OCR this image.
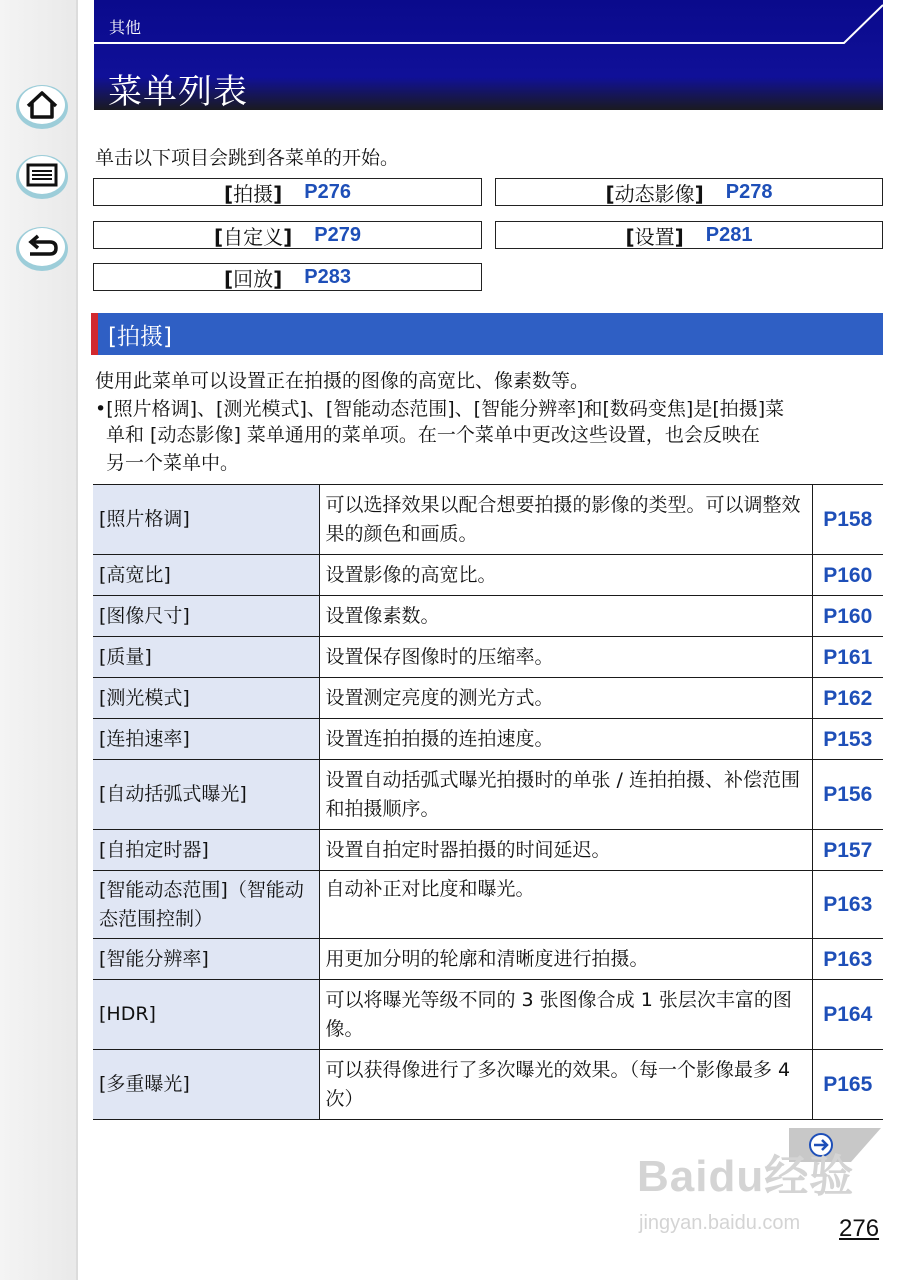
其他
菜单列表
单击以下项目会跳到各菜单的开始。
[ 拍摄 ]	P276	[ 动态影像 ]	P278
[ 自定义 ]	P279	[ 设置 ]	P281
[ 回放 ]	P283
[拍摄]
使用此菜单可以设置正在拍摄的图像的高宽比、像素数等。
•[照片格调]、[测光模式]、[智能动态范围]、[智能分辨率]和[数码变焦]是[拍摄]菜
单和 [动态影像] 菜单通用的菜单项。在一个菜单中更改这些设置，也会反映在
另一个菜单中。
[照片格调]	可以选择效果以配合想要拍摄的影像的类型。可以调整效果的颜色和画质。	P158
[高宽比]	设置影像的高宽比。	P160
[图像尺寸]	设置像素数。	P160
[质量]	设置保存图像时的压缩率。	P161
[测光模式]	设置测定亮度的测光方式。	P162
[连拍速率]	设置连拍拍摄的连拍速度。	P153
[自动括弧式曝光]	设置自动括弧式曝光拍摄时的单张 / 连拍拍摄、补偿范围和拍摄顺序。	P156
[自拍定时器]	设置自拍定时器拍摄的时间延迟。	P157
[智能动态范围]（智能动态范围控制）	自动补正对比度和曝光。	P163
[智能分辨率]	用更加分明的轮廓和清晰度进行拍摄。	P163
[HDR]	可以将曝光等级不同的 3 张图像合成 1 张层次丰富的图像。	P164
[多重曝光]	可以获得像进行了多次曝光的效果。（每一个影像最多 4 次）	P165
Baidu经验
jingyan.baidu.com 276
